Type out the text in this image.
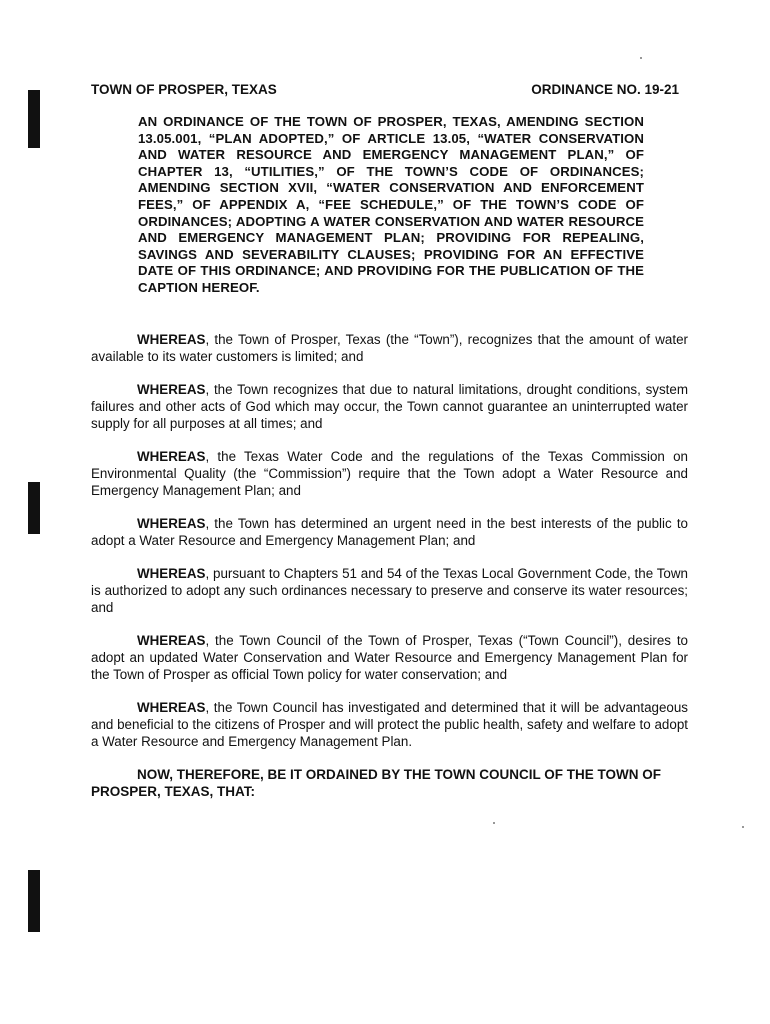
TOWN OF PROSPER, TEXAS	ORDINANCE NO. 19-21
AN ORDINANCE OF THE TOWN OF PROSPER, TEXAS, AMENDING SECTION 13.05.001, “PLAN ADOPTED,” OF ARTICLE 13.05, “WATER CONSERVATION AND WATER RESOURCE AND EMERGENCY MANAGEMENT PLAN,” OF CHAPTER 13, “UTILITIES,” OF THE TOWN’S CODE OF ORDINANCES; AMENDING SECTION XVII, “WATER CONSERVATION AND ENFORCEMENT FEES,” OF APPENDIX A, “FEE SCHEDULE,” OF THE TOWN’S CODE OF ORDINANCES; ADOPTING A WATER CONSERVATION AND WATER RESOURCE AND EMERGENCY MANAGEMENT PLAN; PROVIDING FOR REPEALING, SAVINGS AND SEVERABILITY CLAUSES; PROVIDING FOR AN EFFECTIVE DATE OF THIS ORDINANCE; AND PROVIDING FOR THE PUBLICATION OF THE CAPTION HEREOF.

WHEREAS, the Town of Prosper, Texas (the “Town”), recognizes that the amount of water available to its water customers is limited; and

WHEREAS, the Town recognizes that due to natural limitations, drought conditions, system failures and other acts of God which may occur, the Town cannot guarantee an uninterrupted water supply for all purposes at all times; and

WHEREAS, the Texas Water Code and the regulations of the Texas Commission on Environmental Quality (the “Commission”) require that the Town adopt a Water Resource and Emergency Management Plan; and

WHEREAS, the Town has determined an urgent need in the best interests of the public to adopt a Water Resource and Emergency Management Plan; and

WHEREAS, pursuant to Chapters 51 and 54 of the Texas Local Government Code, the Town is authorized to adopt any such ordinances necessary to preserve and conserve its water resources; and

WHEREAS, the Town Council of the Town of Prosper, Texas (“Town Council”), desires to adopt an updated Water Conservation and Water Resource and Emergency Management Plan for the Town of Prosper as official Town policy for water conservation; and

WHEREAS, the Town Council has investigated and determined that it will be advantageous and beneficial to the citizens of Prosper and will protect the public health, safety and welfare to adopt a Water Resource and Emergency Management Plan.

NOW, THEREFORE, BE IT ORDAINED BY THE TOWN COUNCIL OF THE TOWN OF PROSPER, TEXAS, THAT:
